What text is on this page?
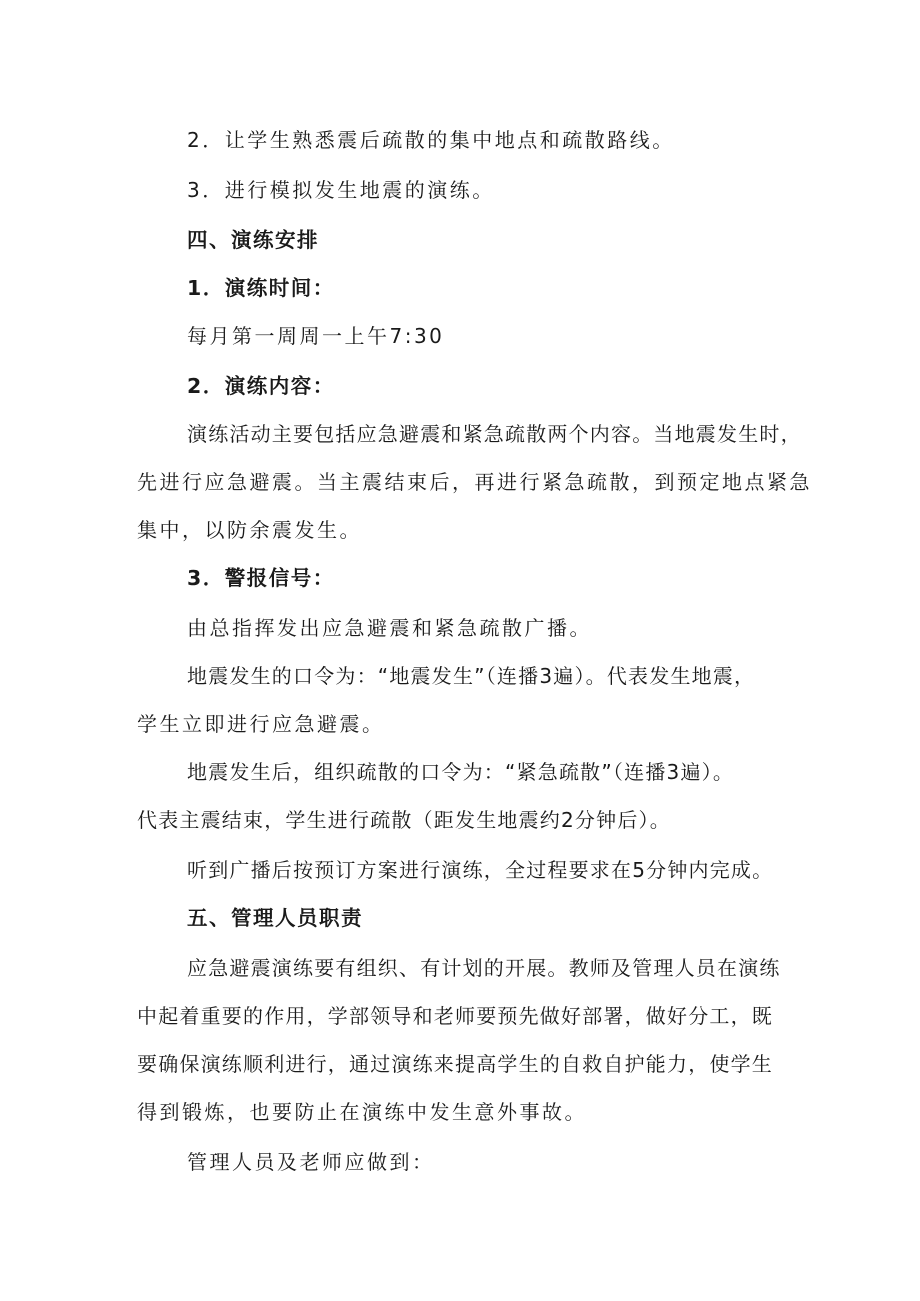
2．让学生熟悉震后疏散的集中地点和疏散路线。
3．进行模拟发生地震的演练。
四、演练安排
1．演练时间：
每月第一周周一上午7:30
2．演练内容：
演练活动主要包括应急避震和紧急疏散两个内容。当地震发生时，
先进行应急避震。当主震结束后，再进行紧急疏散，到预定地点紧急
集中，以防余震发生。
3．警报信号：
由总指挥发出应急避震和紧急疏散广播。
地震发生的口令为：“地震发生”（连播3遍）。代表发生地震，
学生立即进行应急避震。
地震发生后，组织疏散的口令为：“紧急疏散”（连播3遍）。
代表主震结束，学生进行疏散（距发生地震约2分钟后）。
听到广播后按预订方案进行演练，全过程要求在5分钟内完成。
五、管理人员职责
应急避震演练要有组织、有计划的开展。教师及管理人员在演练
中起着重要的作用，学部领导和老师要预先做好部署，做好分工，既
要确保演练顺利进行，通过演练来提高学生的自救自护能力，使学生
得到锻炼，也要防止在演练中发生意外事故。
管理人员及老师应做到：
